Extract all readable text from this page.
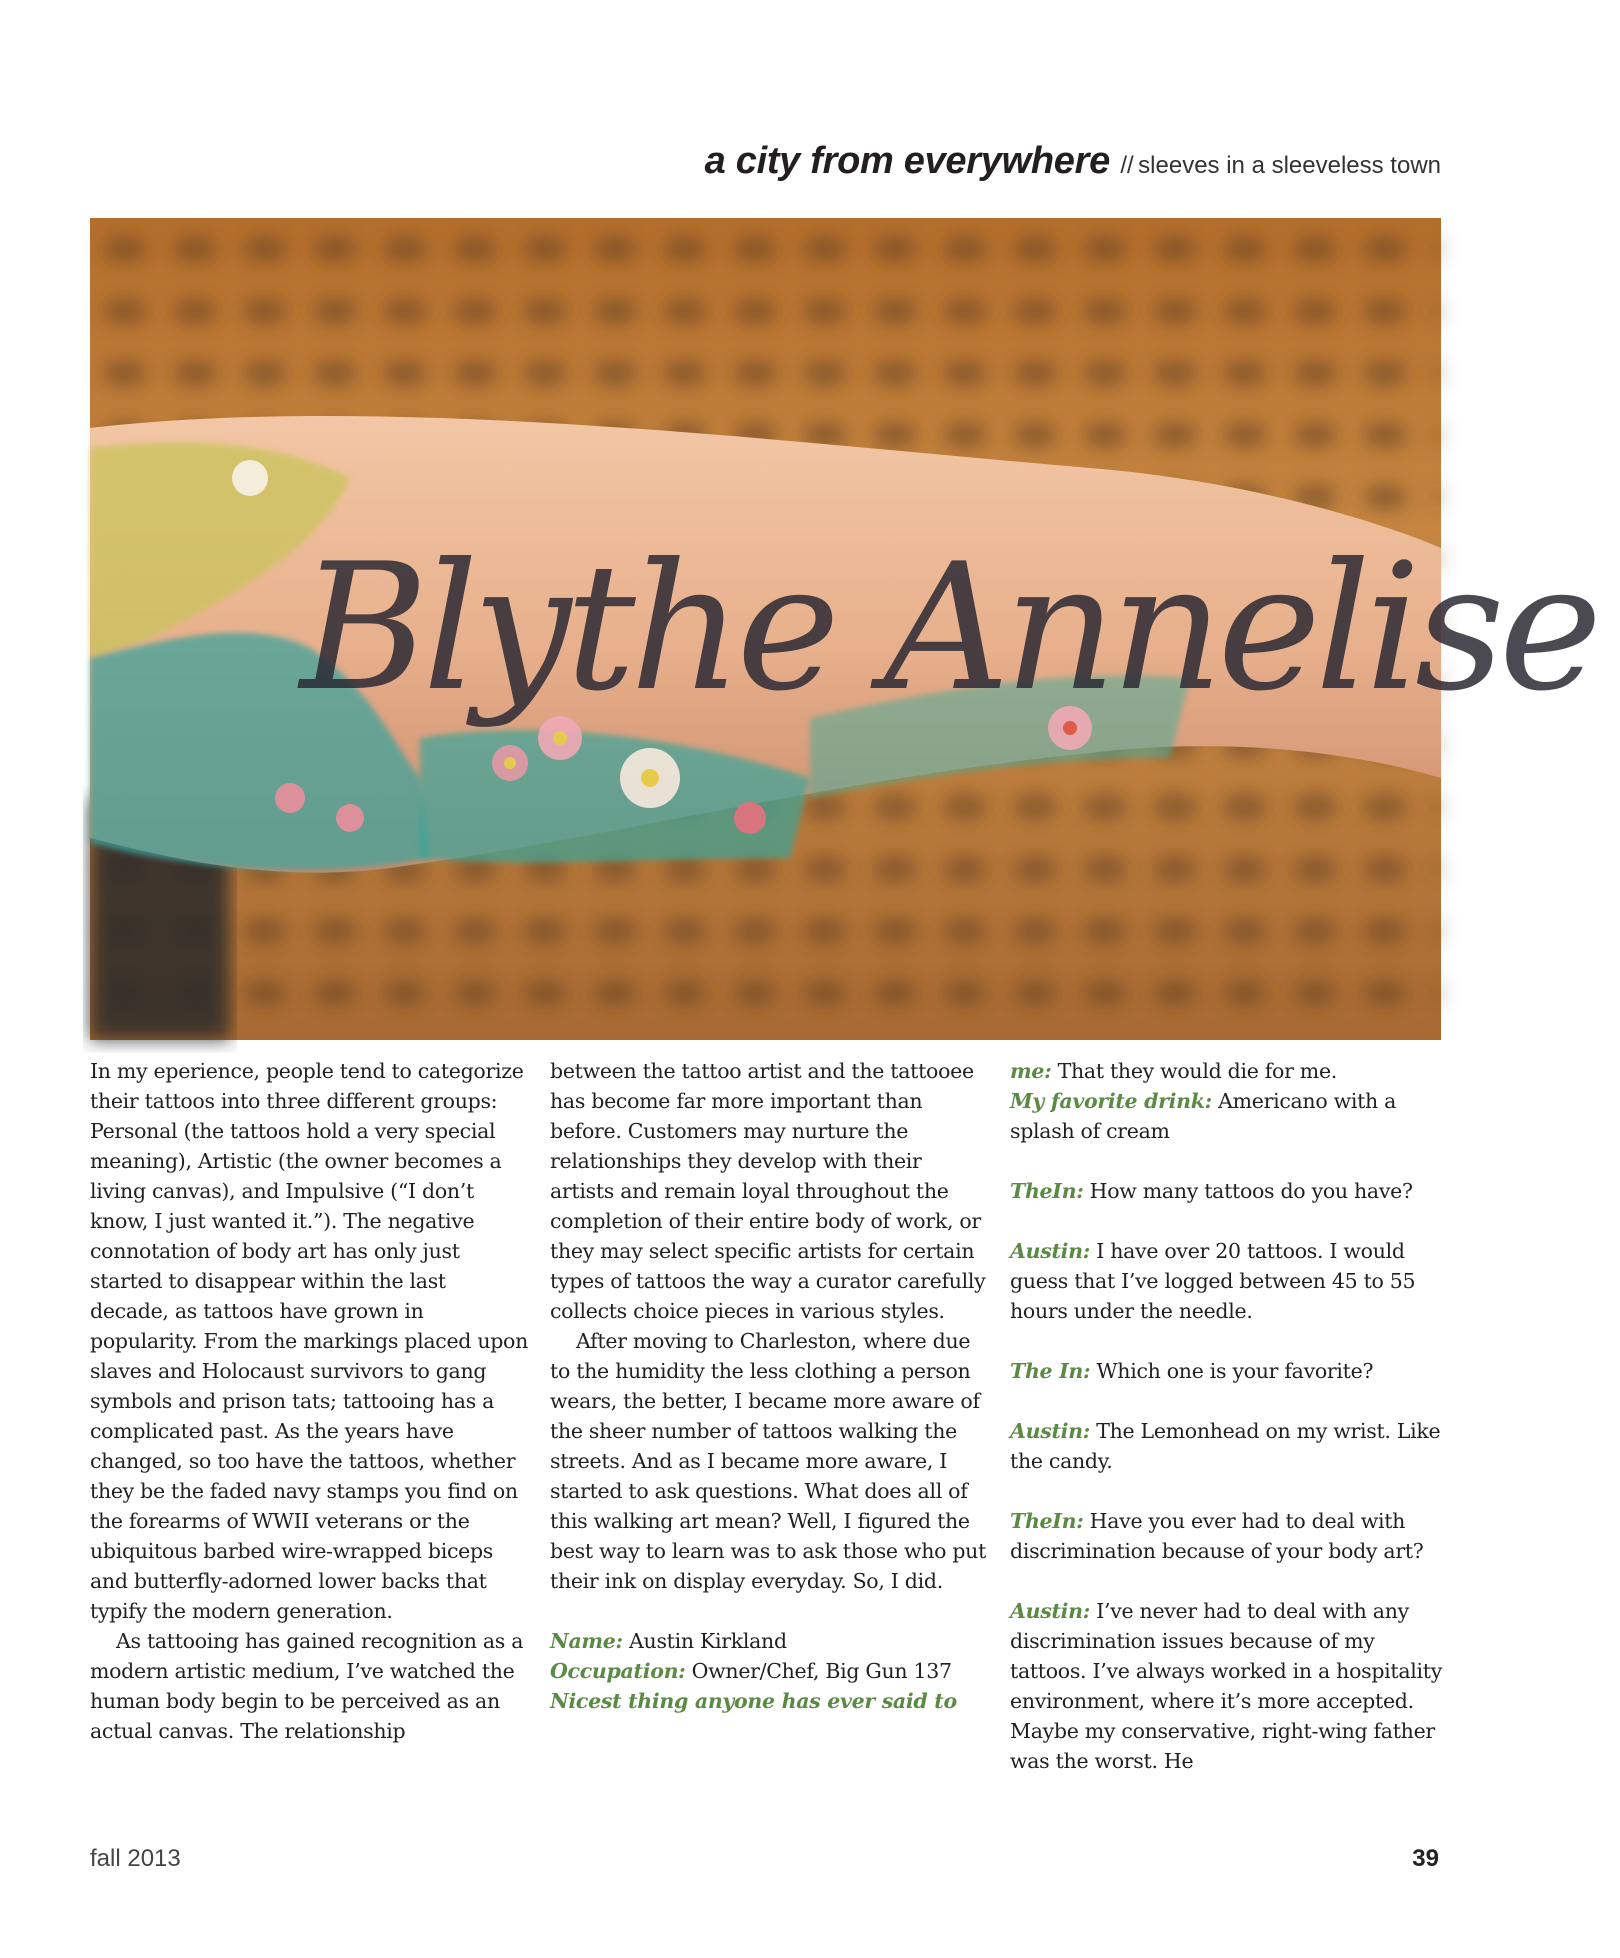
a city from everywhere // sleeves in a sleeveless town
Blythe Annelise

In my eperience, people tend to categorize their tattoos into three different groups: Personal (the tattoos hold a very special meaning), Artistic (the owner becomes a living canvas), and Impulsive (“I don’t know, I just wanted it.”). The negative connotation of body art has only just started to disappear within the last decade, as tattoos have grown in popularity. From the markings placed upon slaves and Holocaust survivors to gang symbols and prison tats; tattooing has a complicated past. As the years have changed, so too have the tattoos, whether they be the faded navy stamps you find on the forearms of WWII veterans or the ubiquitous barbed wire-wrapped biceps and butterfly-adorned lower backs that typify the modern generation.

As tattooing has gained recognition as a modern artistic medium, I’ve watched the human body begin to be perceived as an actual canvas. The relationship

between the tattoo artist and the tattooee has become far more important than before. Customers may nurture the relationships they develop with their artists and remain loyal throughout the completion of their entire body of work, or they may select specific artists for certain types of tattoos the way a curator carefully collects choice pieces in various styles.

After moving to Charleston, where due to the humidity the less clothing a person wears, the better, I became more aware of the sheer number of tattoos walking the streets. And as I became more aware, I started to ask questions. What does all of this walking art mean? Well, I figured the best way to learn was to ask those who put their ink on display everyday. So, I did.

Name: Austin Kirkland

Occupation: Owner/Chef, Big Gun 137

Nicest thing anyone has ever said to

me: That they would die for me.

My favorite drink: Americano with a splash of cream

TheIn: How many tattoos do you have?

Austin: I have over 20 tattoos. I would guess that I’ve logged between 45 to 55 hours under the needle.

The In: Which one is your favorite?

Austin: The Lemonhead on my wrist. Like the candy.

TheIn: Have you ever had to deal with discrimination because of your body art?

Austin: I’ve never had to deal with any discrimination issues because of my tattoos. I’ve always worked in a hospitality environment, where it’s more accepted. Maybe my conservative, right-wing father was the worst. He

fall 2013	39
